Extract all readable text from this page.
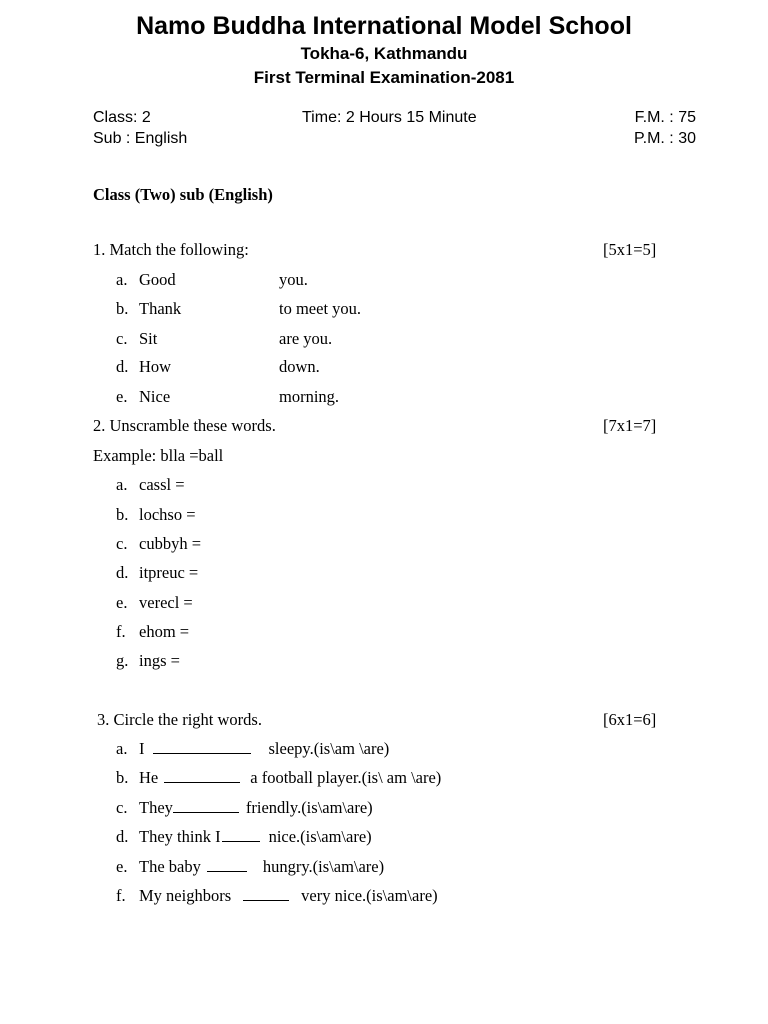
Namo Buddha International Model School
Tokha-6, Kathmandu
First Terminal Examination-2081
Class: 2	Time: 2 Hours 15 Minute	F.M. : 75
Sub : English	P.M. : 30
Class (Two) sub (English)
1. Match the following:	[5x1=5]
a. Good	you.
b. Thank	to meet you.
c. Sit	are you.
d. How	down.
e. Nice	morning.
2. Unscramble these words.	[7x1=7]
Example: blla =ball
a. cassl =
b. lochso =
c. cubbyh =
d. itpreuc =
e. verecl =
f. ehom =
g. ings =
3. Circle the right words.	[6x1=6]
a. I	sleepy.(is\am \are)
b. He	a football player.(is\ am \are)
c. They	friendly.(is\am\are)
d. They think I	nice.(is\am\are)
e. The baby	hungry.(is\am\are)
f. My neighbors	very nice.(is\am\are)
